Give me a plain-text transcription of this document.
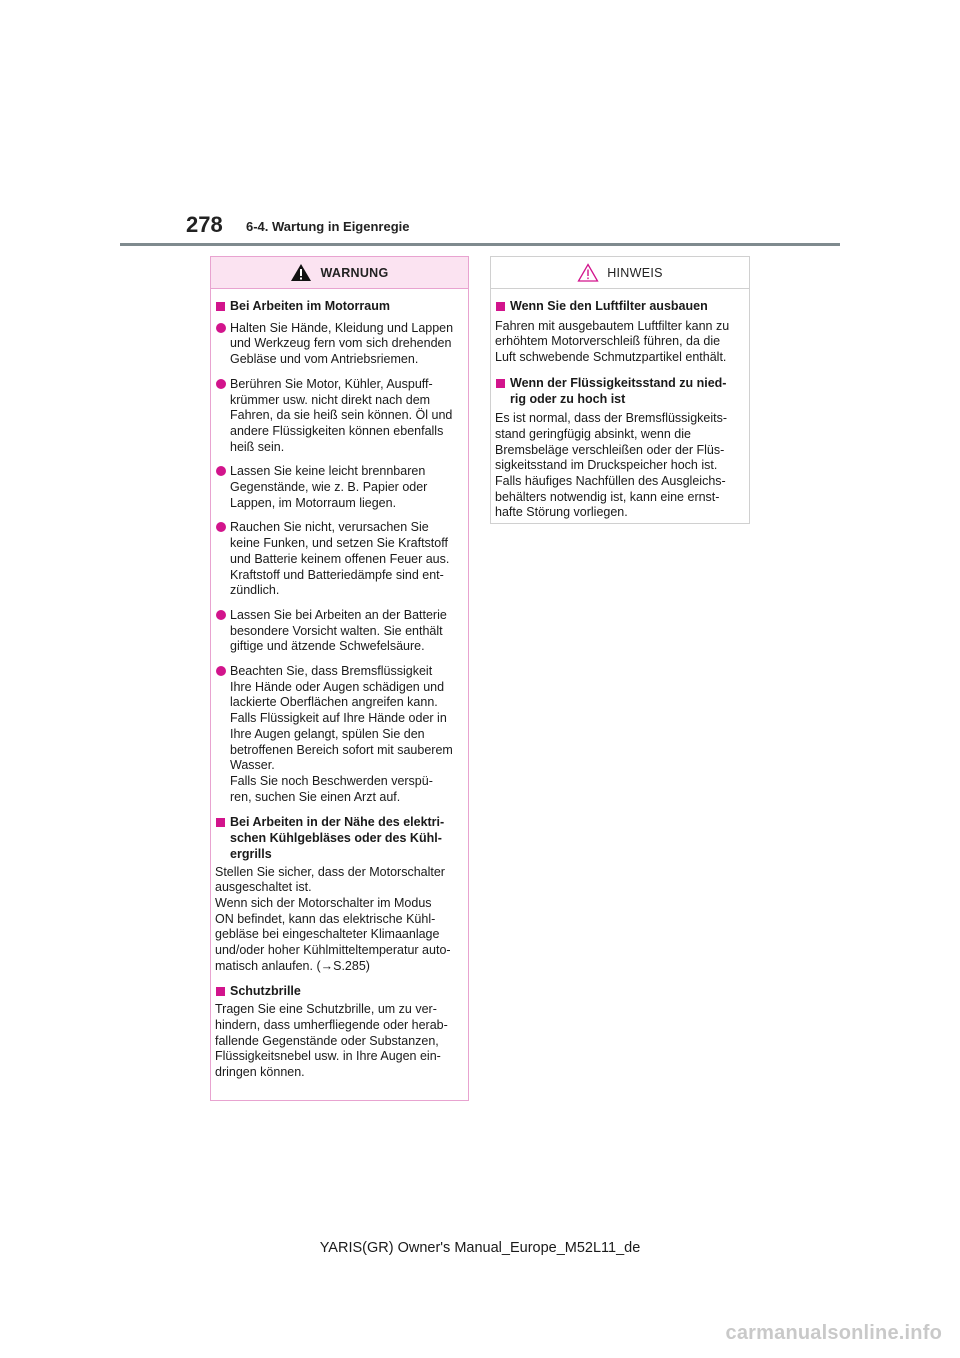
278 6-4. Wartung in Eigenregie
WARNUNG
Bei Arbeiten im Motorraum
Halten Sie Hände, Kleidung und Lappen
und Werkzeug fern vom sich drehenden
Gebläse und vom Antriebsriemen.
Berühren Sie Motor, Kühler, Auspuff-
krümmer usw. nicht direkt nach dem
Fahren, da sie heiß sein können. Öl und
andere Flüssigkeiten können ebenfalls
heiß sein.
Lassen Sie keine leicht brennbaren
Gegenstände, wie z. B. Papier oder
Lappen, im Motorraum liegen.
Rauchen Sie nicht, verursachen Sie
keine Funken, und setzen Sie Kraftstoff
und Batterie keinem offenen Feuer aus.
Kraftstoff und Batteriedämpfe sind ent-
zündlich.
Lassen Sie bei Arbeiten an der Batterie
besondere Vorsicht walten. Sie enthält
giftige und ätzende Schwefelsäure.
Beachten Sie, dass Bremsflüssigkeit
Ihre Hände oder Augen schädigen und
lackierte Oberflächen angreifen kann.
Falls Flüssigkeit auf Ihre Hände oder in
Ihre Augen gelangt, spülen Sie den
betroffenen Bereich sofort mit sauberem
Wasser.
Falls Sie noch Beschwerden verspü-
ren, suchen Sie einen Arzt auf.
Bei Arbeiten in der Nähe des elektri-
schen Kühlgebläses oder des Kühl-
ergrills
Stellen Sie sicher, dass der Motorschalter
ausgeschaltet ist.
Wenn sich der Motorschalter im Modus
ON befindet, kann das elektrische Kühl-
gebläse bei eingeschalteter Klimaanlage
und/oder hoher Kühlmitteltemperatur auto-
matisch anlaufen. (→S.285)
Schutzbrille
Tragen Sie eine Schutzbrille, um zu ver-
hindern, dass umherfliegende oder herab-
fallende Gegenstände oder Substanzen,
Flüssigkeitsnebel usw. in Ihre Augen ein-
dringen können.
HINWEIS
Wenn Sie den Luftfilter ausbauen
Fahren mit ausgebautem Luftfilter kann zu
erhöhtem Motorverschleiß führen, da die
Luft schwebende Schmutzpartikel enthält.
Wenn der Flüssigkeitsstand zu nied-
rig oder zu hoch ist
Es ist normal, dass der Bremsflüssigkeits-
stand geringfügig absinkt, wenn die
Bremsbeläge verschleißen oder der Flüs-
sigkeitsstand im Druckspeicher hoch ist.
Falls häufiges Nachfüllen des Ausgleichs-
behälters notwendig ist, kann eine ernst-
hafte Störung vorliegen.
YARIS(GR) Owner's Manual_Europe_M52L11_de
carmanualsonline.info
